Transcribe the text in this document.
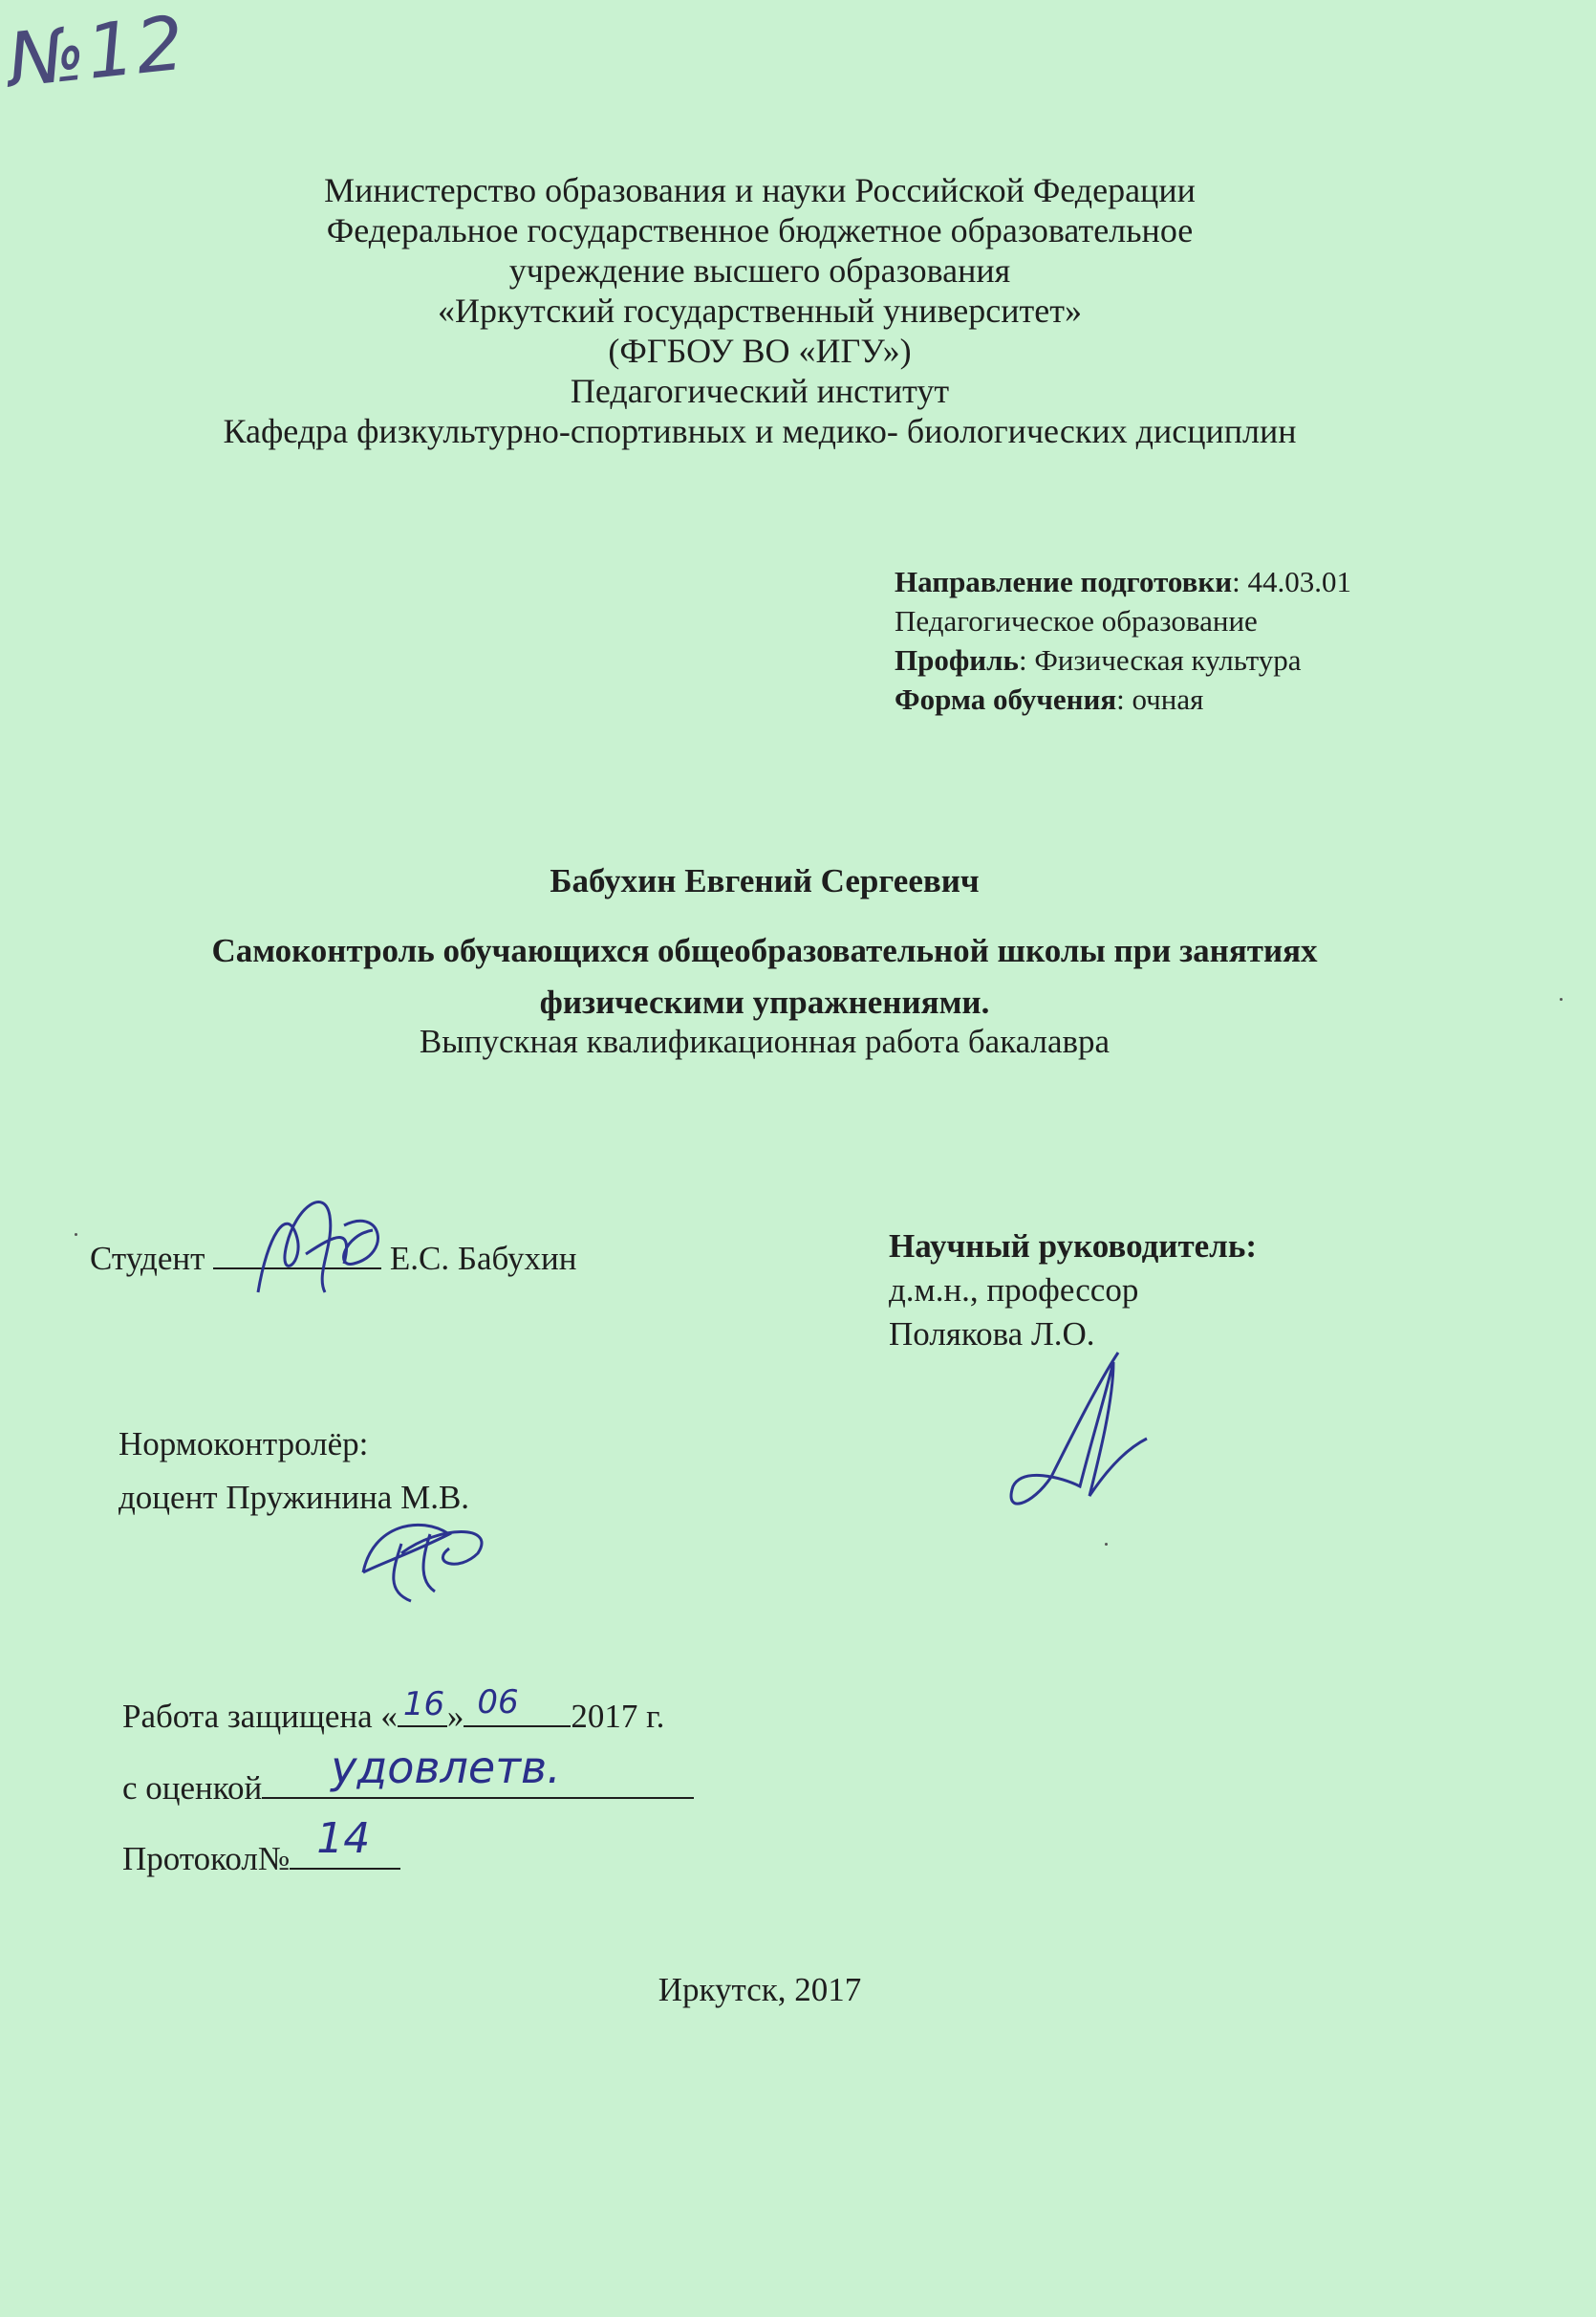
№12
Министерство образования и науки Российской Федерации
Федеральное государственное бюджетное образовательное
учреждение высшего образования
«Иркутский государственный университет»
(ФГБОУ ВО «ИГУ»)
Педагогический институт
Кафедра физкультурно-спортивных и медико- биологических дисциплин
Направление подготовки: 44.03.01
Педагогическое образование
Профиль: Физическая культура
Форма обучения: очная
Бабухин Евгений Сергеевич
Самоконтроль обучающихся общеобразовательной школы при занятиях
физическими упражнениями.
Выпускная квалификационная работа бакалавра
Студент	Е.С. Бабухин	Научный руководитель:
д.м.н., профессор
Полякова Л.О.
Нормоконтролёр:
доцент Пружинина М.В.
Работа защищена « 16 » 06 2017 г.
с оценкой удовлетв.
Протокол№ 14
Иркутск, 2017
